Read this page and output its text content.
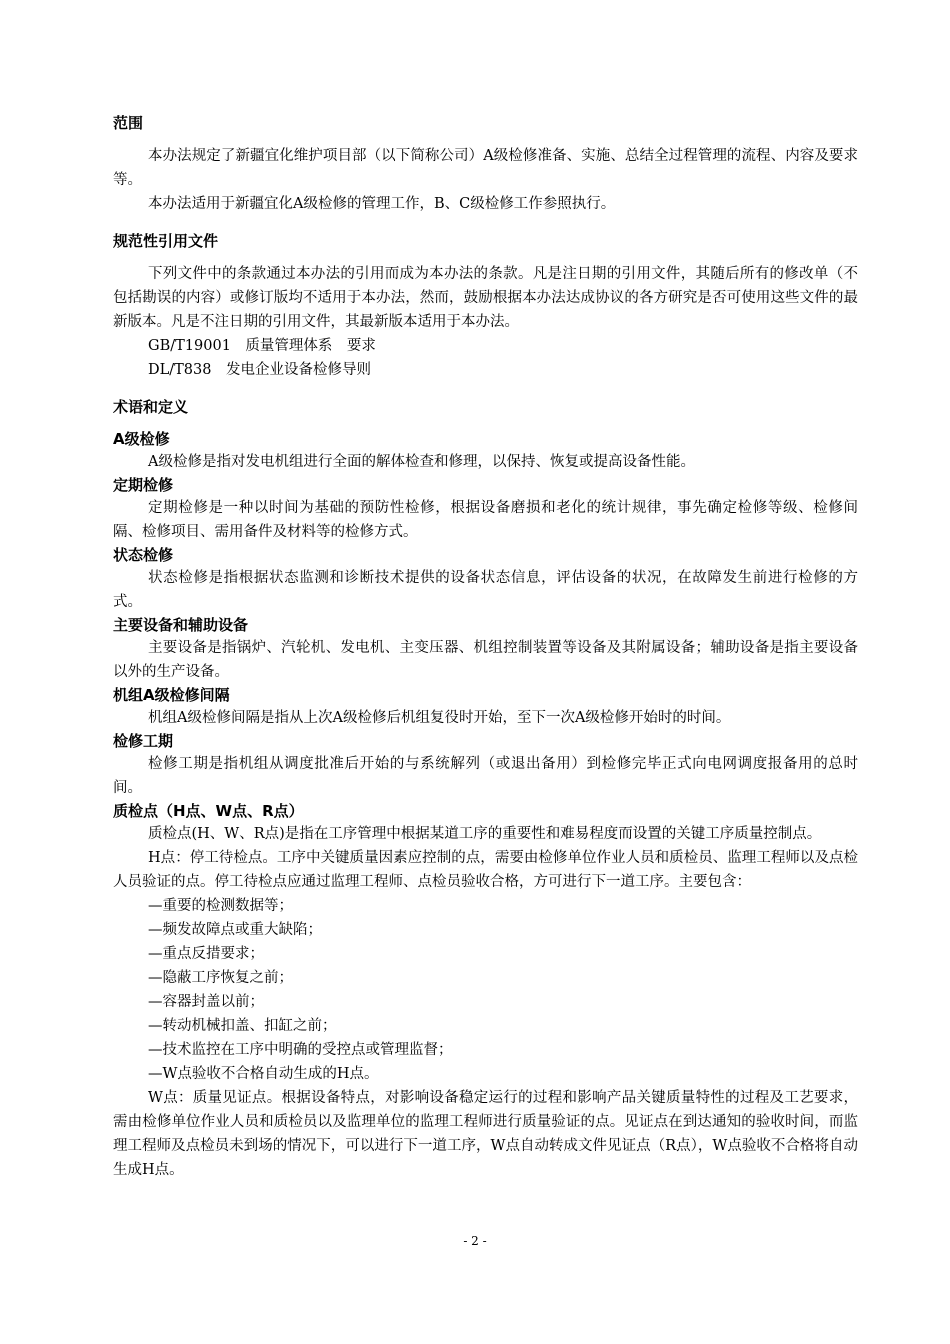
范围

本办法规定了新疆宜化维护项目部（以下简称公司）A级检修准备、实施、总结全过程管理的流程、内容及要求等。

本办法适用于新疆宜化A级检修的管理工作，B、C级检修工作参照执行。

规范性引用文件

下列文件中的条款通过本办法的引用而成为本办法的条款。凡是注日期的引用文件，其随后所有的修改单（不包括勘误的内容）或修订版均不适用于本办法，然而，鼓励根据本办法达成协议的各方研究是否可使用这些文件的最新版本。凡是不注日期的引用文件，其最新版本适用于本办法。

GB/T19001　质量管理体系　要求

DL/T838　发电企业设备检修导则

术语和定义
A级检修

A级检修是指对发电机组进行全面的解体检查和修理，以保持、恢复或提高设备性能。

定期检修

定期检修是一种以时间为基础的预防性检修，根据设备磨损和老化的统计规律，事先确定检修等级、检修间隔、检修项目、需用备件及材料等的检修方式。

状态检修

状态检修是指根据状态监测和诊断技术提供的设备状态信息，评估设备的状况，在故障发生前进行检修的方式。

主要设备和辅助设备

主要设备是指锅炉、汽轮机、发电机、主变压器、机组控制装置等设备及其附属设备；辅助设备是指主要设备以外的生产设备。

机组A级检修间隔

机组A级检修间隔是指从上次A级检修后机组复役时开始，至下一次A级检修开始时的时间。

检修工期

检修工期是指机组从调度批准后开始的与系统解列（或退出备用）到检修完毕正式向电网调度报备用的总时间。

质检点（H点、W点、R点）

质检点(H、W、R点)是指在工序管理中根据某道工序的重要性和难易程度而设置的关键工序质量控制点。

H点：停工待检点。工序中关键质量因素应控制的点，需要由检修单位作业人员和质检员、监理工程师以及点检人员验证的点。停工待检点应通过监理工程师、点检员验收合格，方可进行下一道工序。主要包含：

—重要的检测数据等；

—频发故障点或重大缺陷；

—重点反措要求；

—隐蔽工序恢复之前；

—容器封盖以前；

—转动机械扣盖、扣缸之前；

—技术监控在工序中明确的受控点或管理监督；

—W点验收不合格自动生成的H点。

W点：质量见证点。根据设备特点，对影响设备稳定运行的过程和影响产品关键质量特性的过程及工艺要求，需由检修单位作业人员和质检员以及监理单位的监理工程师进行质量验证的点。见证点在到达通知的验收时间，而监理工程师及点检员未到场的情况下，可以进行下一道工序，W点自动转成文件见证点（R点），W点验收不合格将自动生成H点。

- 2 -
